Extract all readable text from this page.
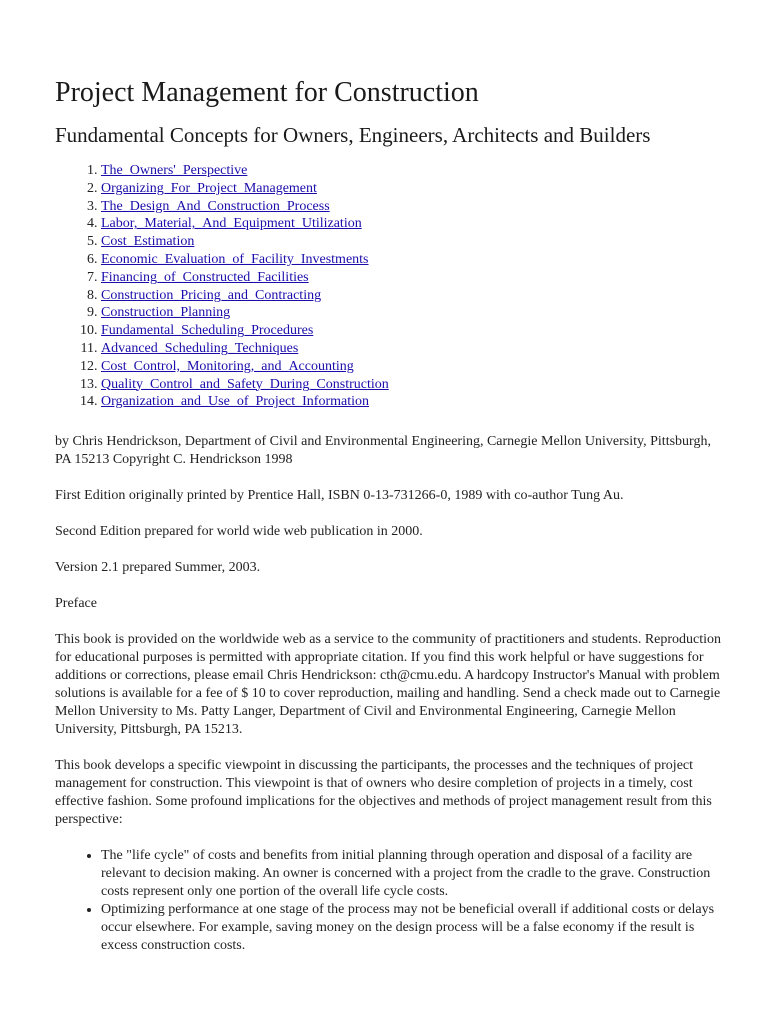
Project Management for Construction
Fundamental Concepts for Owners, Engineers, Architects and Builders
1. The_Owners'_Perspective
2. Organizing_For_Project_Management
3. The_Design_And_Construction_Process
4. Labor,_Material,_And_Equipment_Utilization
5. Cost_Estimation
6. Economic_Evaluation_of_Facility_Investments
7. Financing_of_Constructed_Facilities
8. Construction_Pricing_and_Contracting
9. Construction_Planning
10. Fundamental_Scheduling_Procedures
11. Advanced_Scheduling_Techniques
12. Cost_Control,_Monitoring,_and_Accounting
13. Quality_Control_and_Safety_During_Construction
14. Organization_and_Use_of_Project_Information

by Chris Hendrickson, Department of Civil and Environmental Engineering, Carnegie Mellon University, Pittsburgh, PA 15213 Copyright C. Hendrickson 1998

First Edition originally printed by Prentice Hall, ISBN 0-13-731266-0, 1989 with co-author Tung Au.

Second Edition prepared for world wide web publication in 2000.

Version 2.1 prepared Summer, 2003.

Preface

This book is provided on the worldwide web as a service to the community of practitioners and students. Reproduction for educational purposes is permitted with appropriate citation. If you find this work helpful or have suggestions for additions or corrections, please email Chris Hendrickson: cth@cmu.edu. A hardcopy Instructor's Manual with problem solutions is available for a fee of $ 10 to cover reproduction, mailing and handling. Send a check made out to Carnegie Mellon University to Ms. Patty Langer, Department of Civil and Environmental Engineering, Carnegie Mellon University, Pittsburgh, PA 15213.

This book develops a specific viewpoint in discussing the participants, the processes and the techniques of project management for construction. This viewpoint is that of owners who desire completion of projects in a timely, cost effective fashion. Some profound implications for the objectives and methods of project management result from this perspective:

• The "life cycle" of costs and benefits from initial planning through operation and disposal of a facility are relevant to decision making. An owner is concerned with a project from the cradle to the grave. Construction costs represent only one portion of the overall life cycle costs.
• Optimizing performance at one stage of the process may not be beneficial overall if additional costs or delays occur elsewhere. For example, saving money on the design process will be a false economy if the result is excess construction costs.
